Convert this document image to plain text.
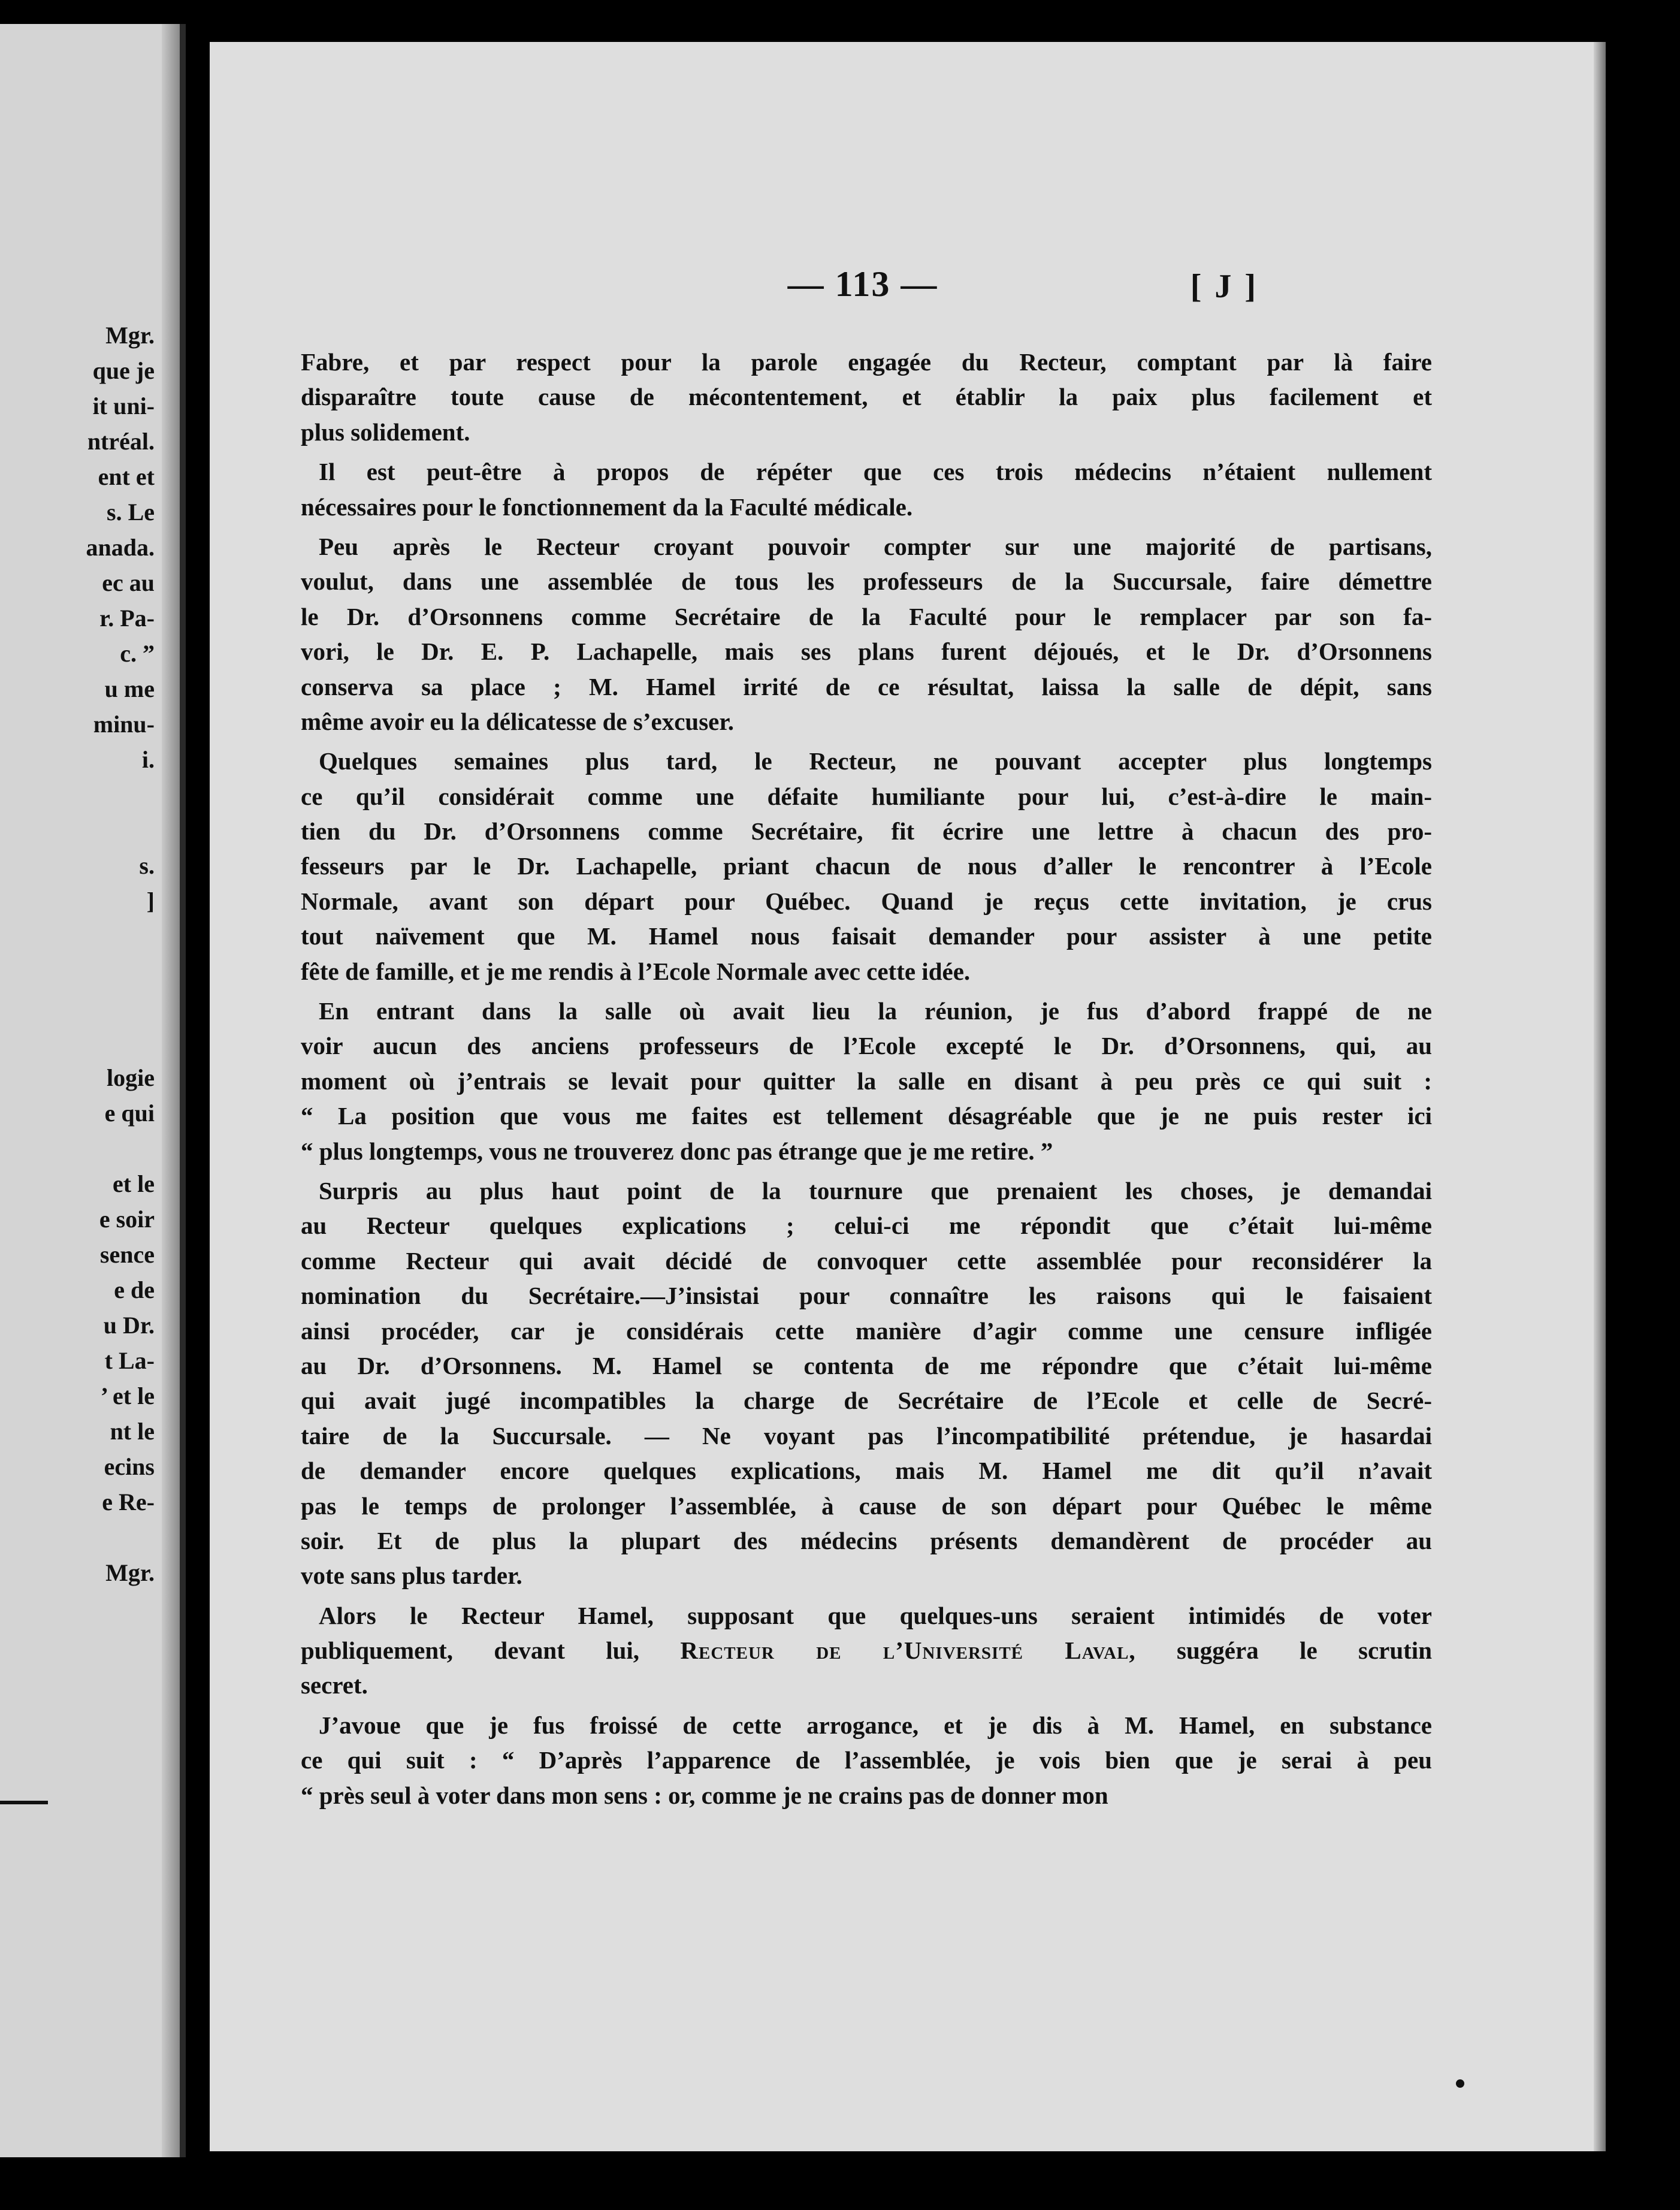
Mgr.
que je
it uni-
ntréal.
ent et
s. Le
anada.
ec au
r. Pa-
c. ”
u me
minu-
i.
s.
]
logie
e qui
et le
e soir
sence
e de
u Dr.
t La-
’ et le
nt le
ecins
e Re-
Mgr.
— 113 —	[ J ]
Fabre, et par respect pour la parole engagée du Recteur, comptant par là faire
disparaître toute cause de mécontentement, et établir la paix plus facilement et
plus solidement.
Il est peut-être à propos de répéter que ces trois médecins n’étaient nullement
nécessaires pour le fonctionnement da la Faculté médicale.
Peu après le Recteur croyant pouvoir compter sur une majorité de partisans,
voulut, dans une assemblée de tous les professeurs de la Succursale, faire démettre
le Dr. d’Orsonnens comme Secrétaire de la Faculté pour le remplacer par son fa-
vori, le Dr. E. P. Lachapelle, mais ses plans furent déjoués, et le Dr. d’Orsonnens
conserva sa place ; M. Hamel irrité de ce résultat, laissa la salle de dépit, sans
même avoir eu la délicatesse de s’excuser.
Quelques semaines plus tard, le Recteur, ne pouvant accepter plus longtemps
ce qu’il considérait comme une défaite humiliante pour lui, c’est-à-dire le main-
tien du Dr. d’Orsonnens comme Secrétaire, fit écrire une lettre à chacun des pro-
fesseurs par le Dr. Lachapelle, priant chacun de nous d’aller le rencontrer à l’Ecole
Normale, avant son départ pour Québec. Quand je reçus cette invitation, je crus
tout naïvement que M. Hamel nous faisait demander pour assister à une petite
fête de famille, et je me rendis à l’Ecole Normale avec cette idée.
En entrant dans la salle où avait lieu la réunion, je fus d’abord frappé de ne
voir aucun des anciens professeurs de l’Ecole excepté le Dr. d’Orsonnens, qui, au
moment où j’entrais se levait pour quitter la salle en disant à peu près ce qui suit :
“ La position que vous me faites est tellement désagréable que je ne puis rester ici
“ plus longtemps, vous ne trouverez donc pas étrange que je me retire. ”
Surpris au plus haut point de la tournure que prenaient les choses, je demandai
au Recteur quelques explications ; celui-ci me répondit que c’était lui-même
comme Recteur qui avait décidé de convoquer cette assemblée pour reconsidérer la
nomination du Secrétaire.—J’insistai pour connaître les raisons qui le faisaient
ainsi procéder, car je considérais cette manière d’agir comme une censure infligée
au Dr. d’Orsonnens. M. Hamel se contenta de me répondre que c’était lui-même
qui avait jugé incompatibles la charge de Secrétaire de l’Ecole et celle de Secré-
taire de la Succursale. — Ne voyant pas l’incompatibilité prétendue, je hasardai
de demander encore quelques explications, mais M. Hamel me dit qu’il n’avait
pas le temps de prolonger l’assemblée, à cause de son départ pour Québec le même
soir. Et de plus la plupart des médecins présents demandèrent de procéder au
vote sans plus tarder.
Alors le Recteur Hamel, supposant que quelques-uns seraient intimidés de voter
publiquement, devant lui, Recteur de l’Université Laval, suggéra le scrutin
secret.
J’avoue que je fus froissé de cette arrogance, et je dis à M. Hamel, en substance
ce qui suit : “ D’après l’apparence de l’assemblée, je vois bien que je serai à peu
“ près seul à voter dans mon sens : or, comme je ne crains pas de donner mon
